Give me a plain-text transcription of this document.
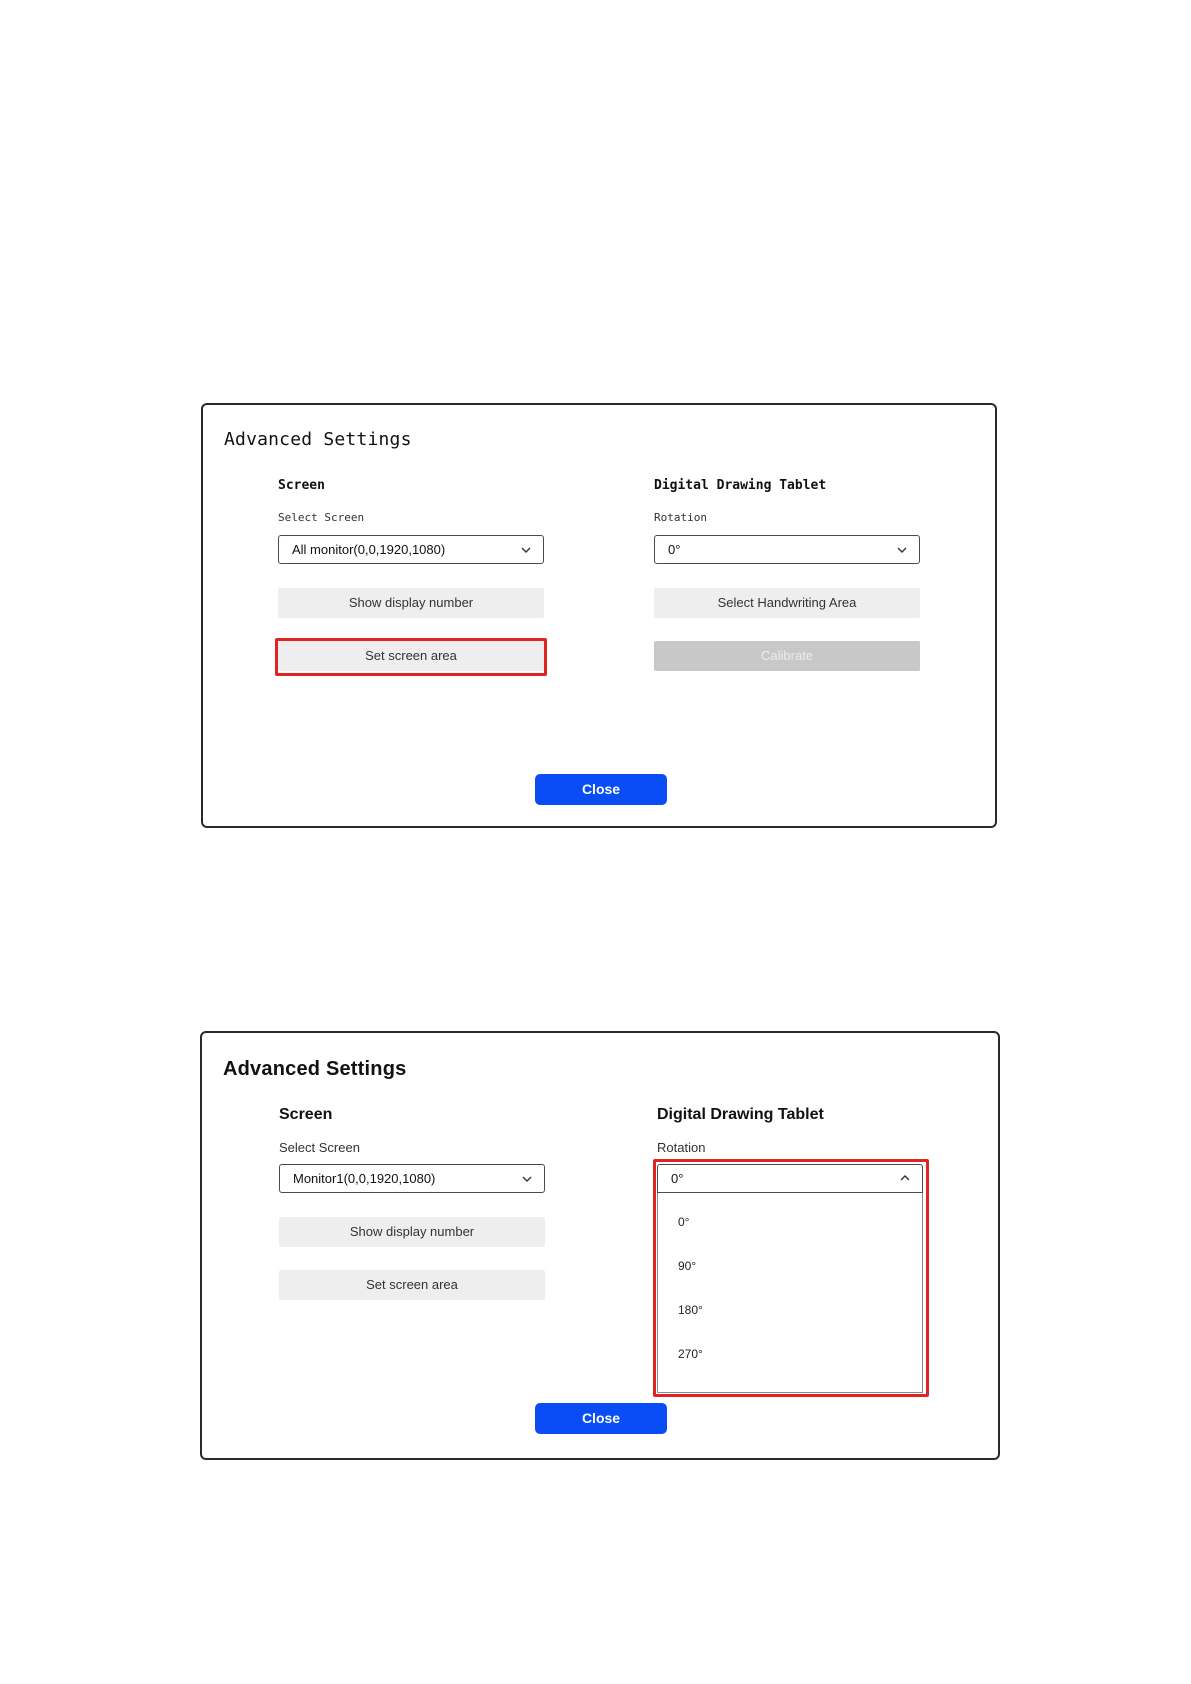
Advanced Settings
Screen
Select Screen
All monitor(0,0,1920,1080)
Show display number
Set screen area
Digital Drawing Tablet
Rotation
0°
Select Handwriting Area
Calibrate
Close
Advanced Settings
Screen
Select Screen
Monitor1(0,0,1920,1080)
Show display number
Set screen area
Digital Drawing Tablet
Rotation
0°
0°
90°
180°
270°
Close
